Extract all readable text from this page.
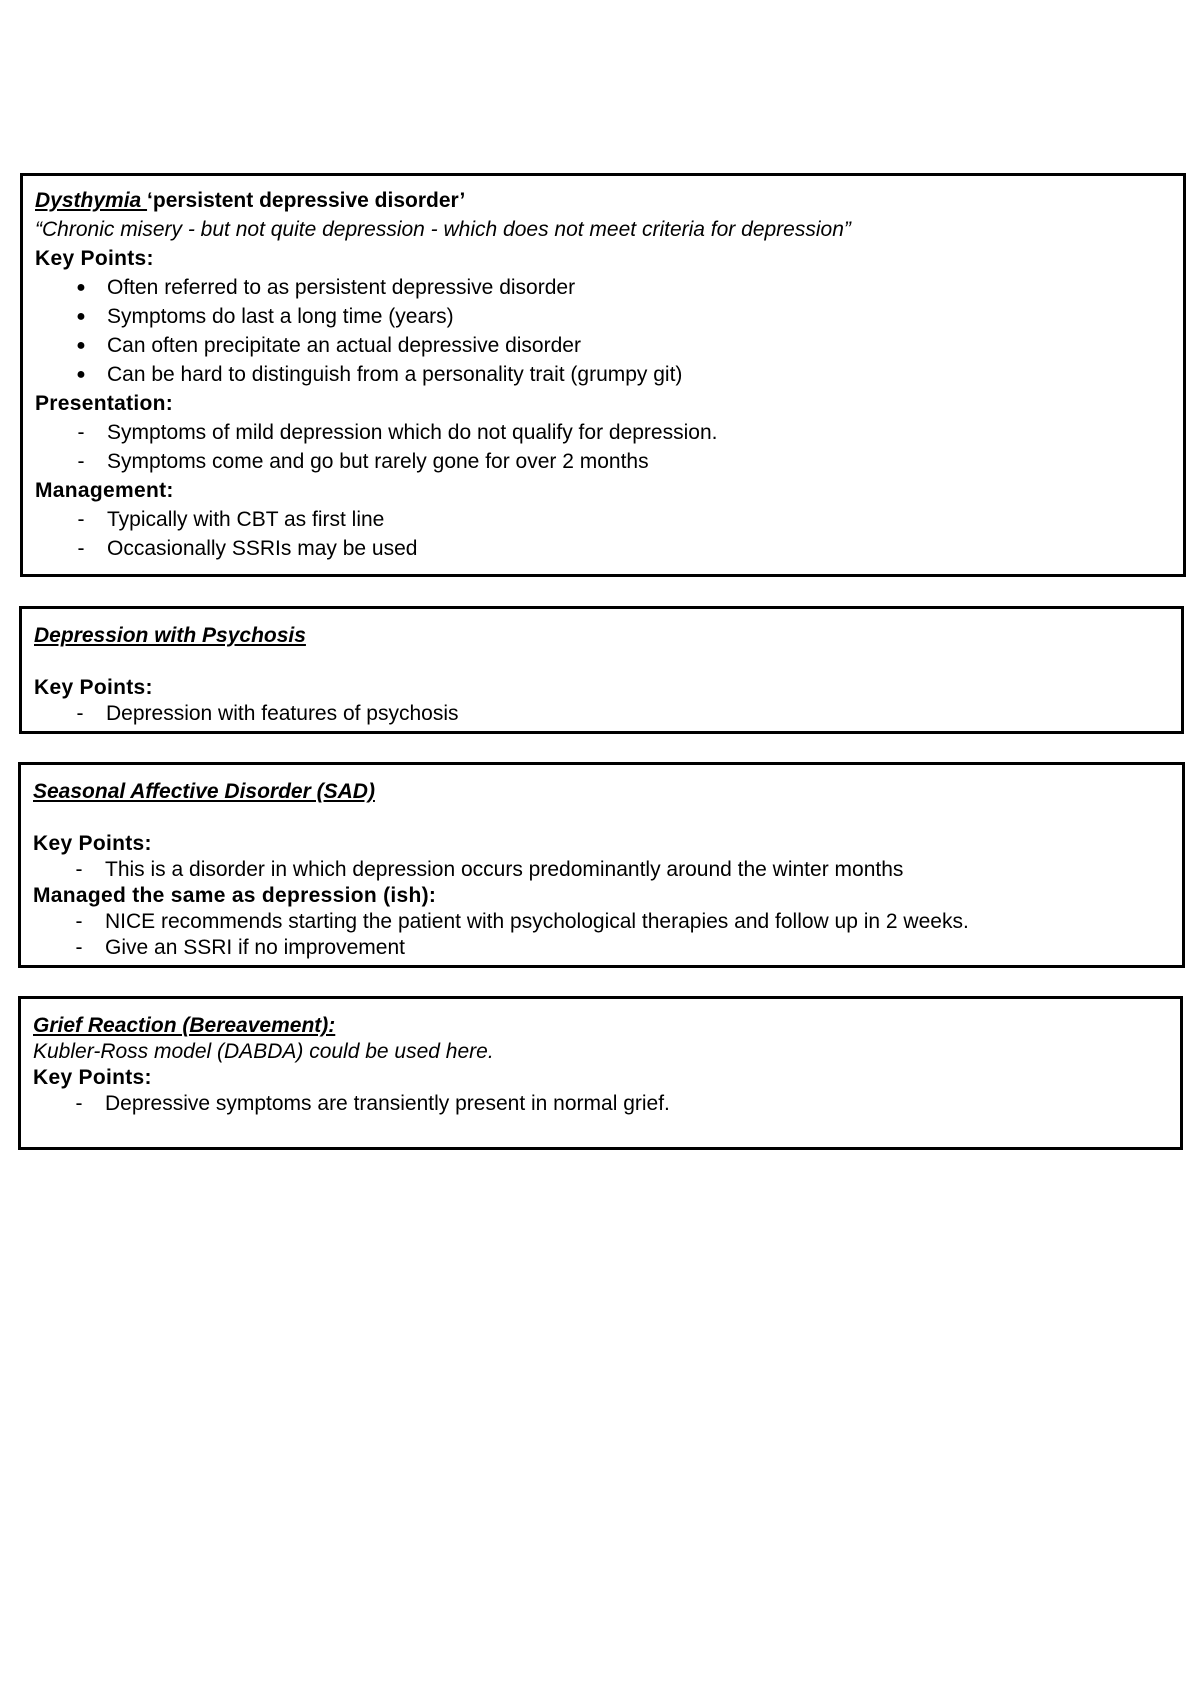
Dysthymia ‘persistent depressive disorder’
“Chronic misery - but not quite depression - which does not meet criteria for depression”
Key Points:
● Often referred to as persistent depressive disorder
● Symptoms do last a long time (years)
● Can often precipitate an actual depressive disorder
● Can be hard to distinguish from a personality trait (grumpy git)
Presentation:
-	Symptoms of mild depression which do not qualify for depression.
-	Symptoms come and go but rarely gone for over 2 months
Management:
-	Typically with CBT as first line
-	Occasionally SSRIs may be used
Depression with Psychosis
Key Points:
-	Depression with features of psychosis
Seasonal Affective Disorder (SAD)
Key Points:
-	This is a disorder in which depression occurs predominantly around the winter months
Managed the same as depression (ish):
-	NICE recommends starting the patient with psychological therapies and follow up in 2 weeks.
-	Give an SSRI if no improvement
Grief Reaction (Bereavement):
Kubler-Ross model (DABDA) could be used here.
Key Points:
-	Depressive symptoms are transiently present in normal grief.
